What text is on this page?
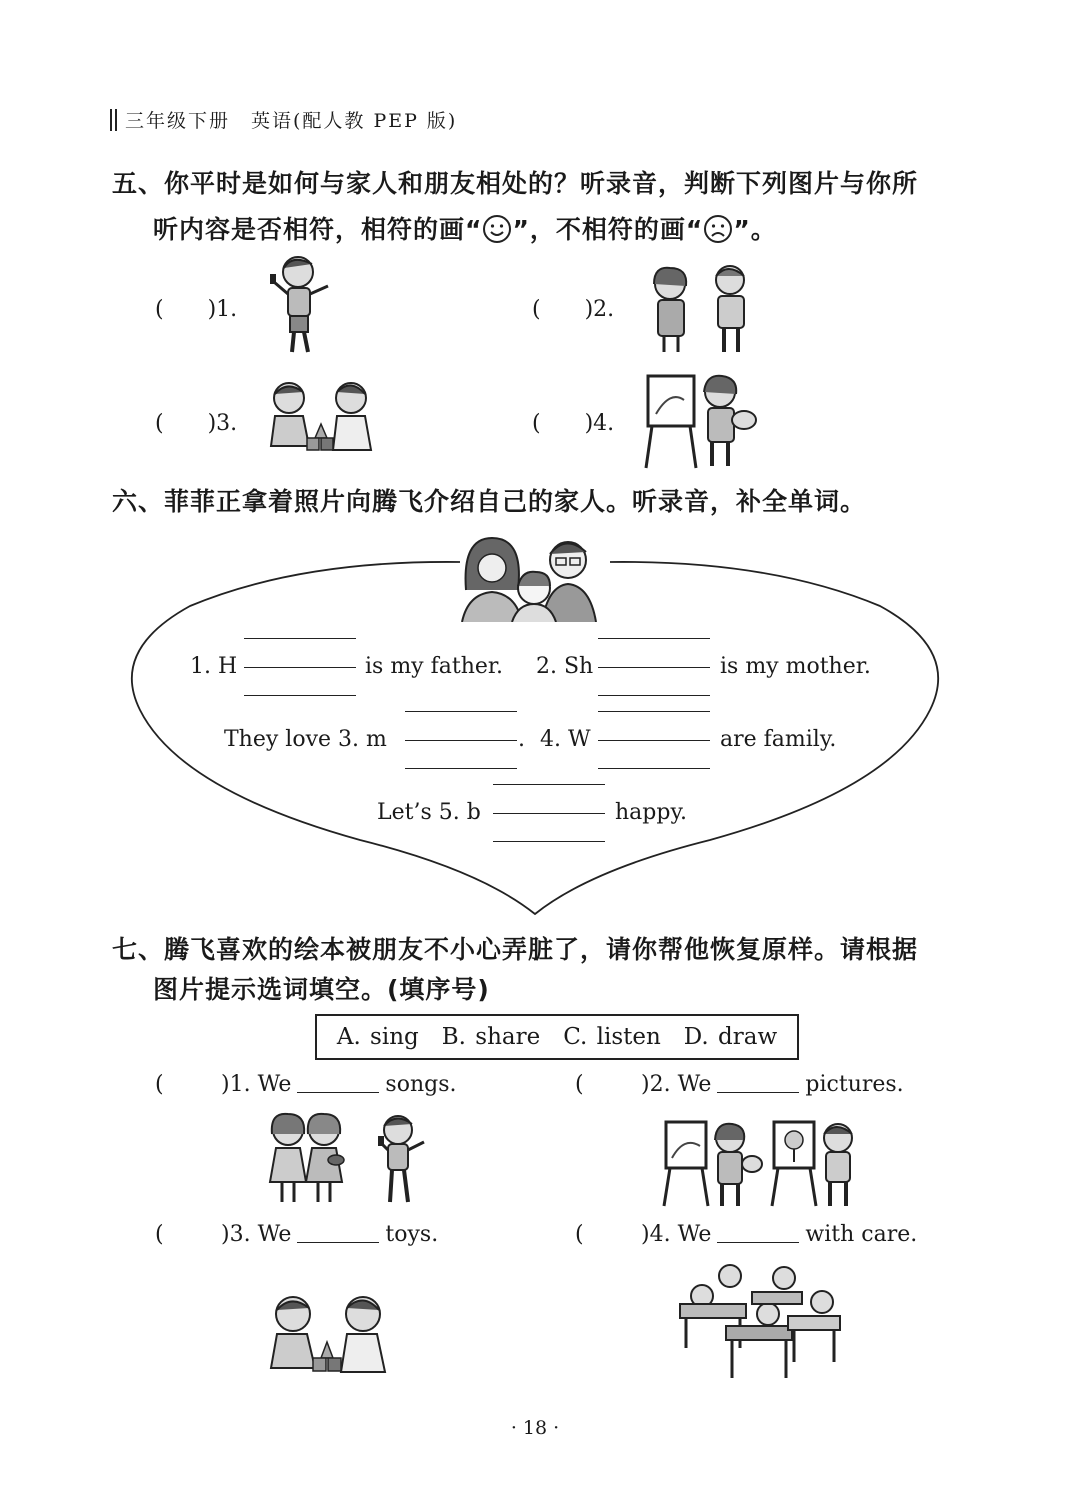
三年级下册　英语(配人教 PEP 版)
五、你平时是如何与家人和朋友相处的？听录音，判断下列图片与你所
听内容是否相符，相符的画“ ”，不相符的画“ ”。
(　　)1.	(　　)2.
(　　)3.	(　　)4.
六、菲菲正拿着照片向腾飞介绍自己的家人。听录音，补全单词。
1. H	is my father. 2. Sh	is my mother.
They love 3. m	. 4. W	are family.
Let’s 5. b	happy.
七、腾飞喜欢的绘本被朋友不小心弄脏了，请你帮他恢复原样。请根据
图片提示选词填空。(填序号)
A. sing　B. share　C. listen　D. draw
(	)1. We	songs.	(	)2. We	pictures.
(	)3. We	toys.	(	)4. We	with care.
· 18 ·
